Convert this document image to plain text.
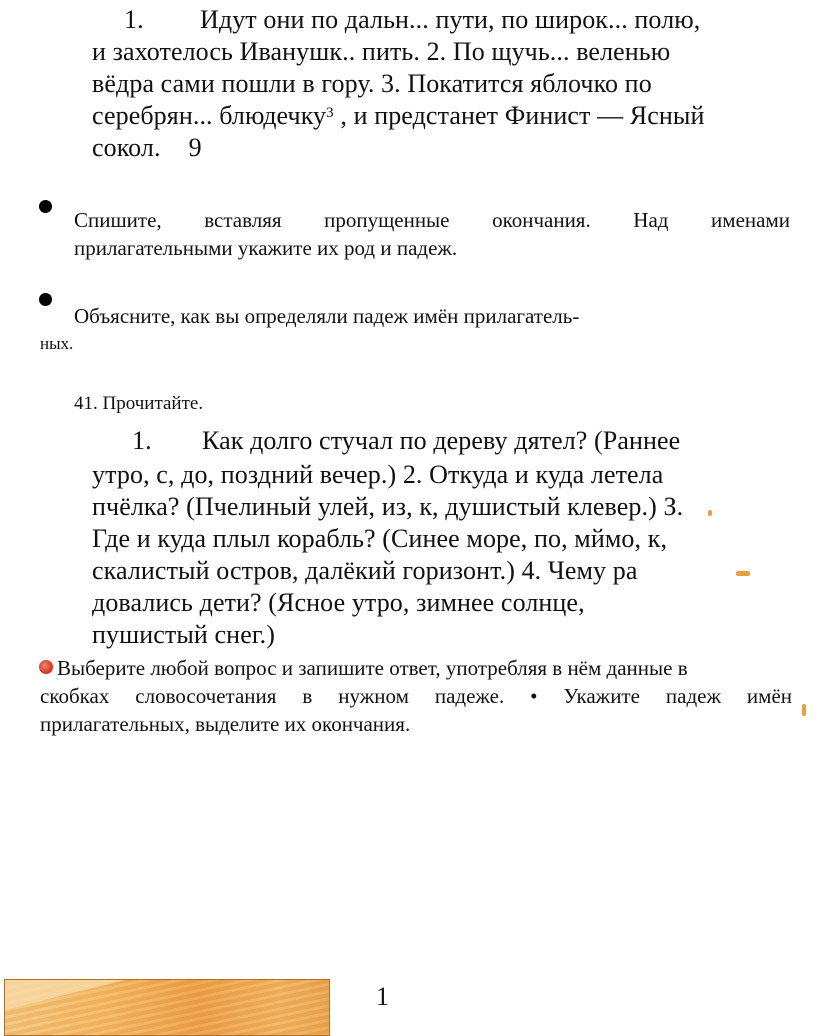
1. Идут они по дальн... пути, по широк... полю,
и захотелось Иванушк.. пить. 2. По щучь... веленью
вёдра сами пошли в гору. 3. Покатится яблочко по
серебрян... блюдечку$^3$ , и предстанет Финист — Ясный
сокол. 9
Спишите, вставляя пропущенные окончания. Над именами
прилагательными укажите их род и падеж.
Объясните, как вы определяли падеж имён прилагатель-
ных.
41. Прочитайте.
1. Как долго стучал по дереву дятел? (Раннее
утро, с, до, поздний вечер.) 2. Откуда и куда летела
пчёлка? (Пчелиный улей, из, к, душистый клевер.) З.
Где и куда плыл корабль? (Синее море, по, мймо, к,
скалистый остров, далёкий горизонт.) 4. Чему ра
довались дети? (Ясное утро, зимнее солнце,
пушистый снег.)
Выберите любой вопрос и запишите ответ, употребляя в нём данные в
скобках словосочетания в нужном падеже. • Укажите падеж имён
прилагательных, выделите их окончания.
1
